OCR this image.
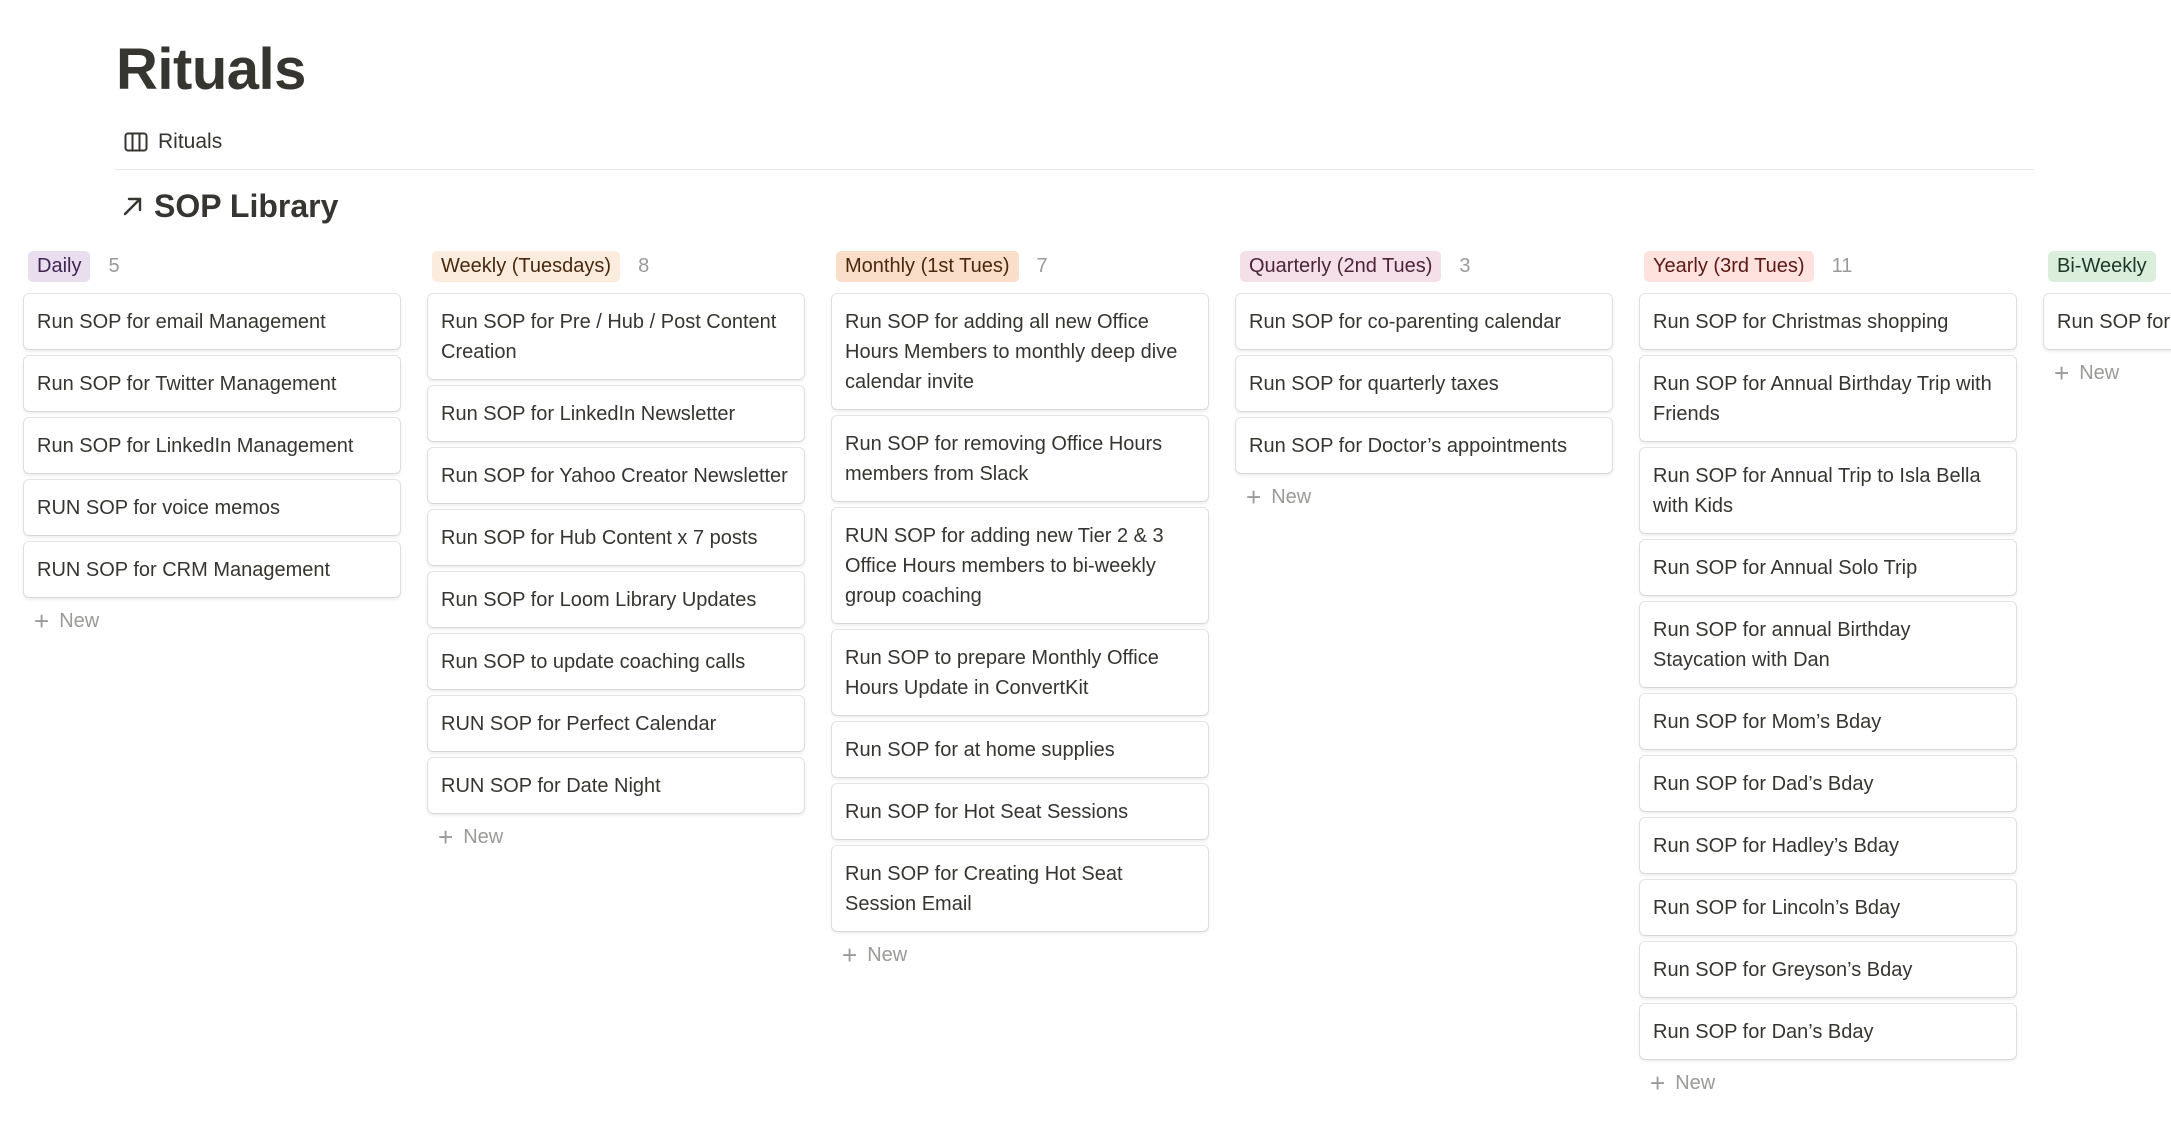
Rituals
Rituals
SOP Library
Daily	5
Run SOP for email Management
Run SOP for Twitter Management
Run SOP for LinkedIn Management
RUN SOP for voice memos
RUN SOP for CRM Management
+ New
Weekly (Tuesdays)	8
Run SOP for Pre / Hub / Post Content Creation
Run SOP for LinkedIn Newsletter
Run SOP for Yahoo Creator Newsletter
Run SOP for Hub Content x 7 posts
Run SOP for Loom Library Updates
Run SOP to update coaching calls
RUN SOP for Perfect Calendar
RUN SOP for Date Night
+ New
Monthly (1st Tues)	7
Run SOP for adding all new Office Hours Members to monthly deep dive calendar invite
Run SOP for removing Office Hours members from Slack
RUN SOP for adding new Tier 2 & 3 Office Hours members to bi-weekly group coaching
Run SOP to prepare Monthly Office Hours Update in ConvertKit
Run SOP for at home supplies
Run SOP for Hot Seat Sessions
Run SOP for Creating Hot Seat Session Email
+ New
Quarterly (2nd Tues)	3
Run SOP for co-parenting calendar
Run SOP for quarterly taxes
Run SOP for Doctor’s appointments
+ New
Yearly (3rd Tues)	11
Run SOP for Christmas shopping
Run SOP for Annual Birthday Trip with Friends
Run SOP for Annual Trip to Isla Bella with Kids
Run SOP for Annual Solo Trip
Run SOP for annual Birthday Staycation with Dan
Run SOP for Mom’s Bday
Run SOP for Dad’s Bday
Run SOP for Hadley’s Bday
Run SOP for Lincoln’s Bday
Run SOP for Greyson’s Bday
Run SOP for Dan’s Bday
+ New
Bi-Weekly
Run SOP for
+ New
